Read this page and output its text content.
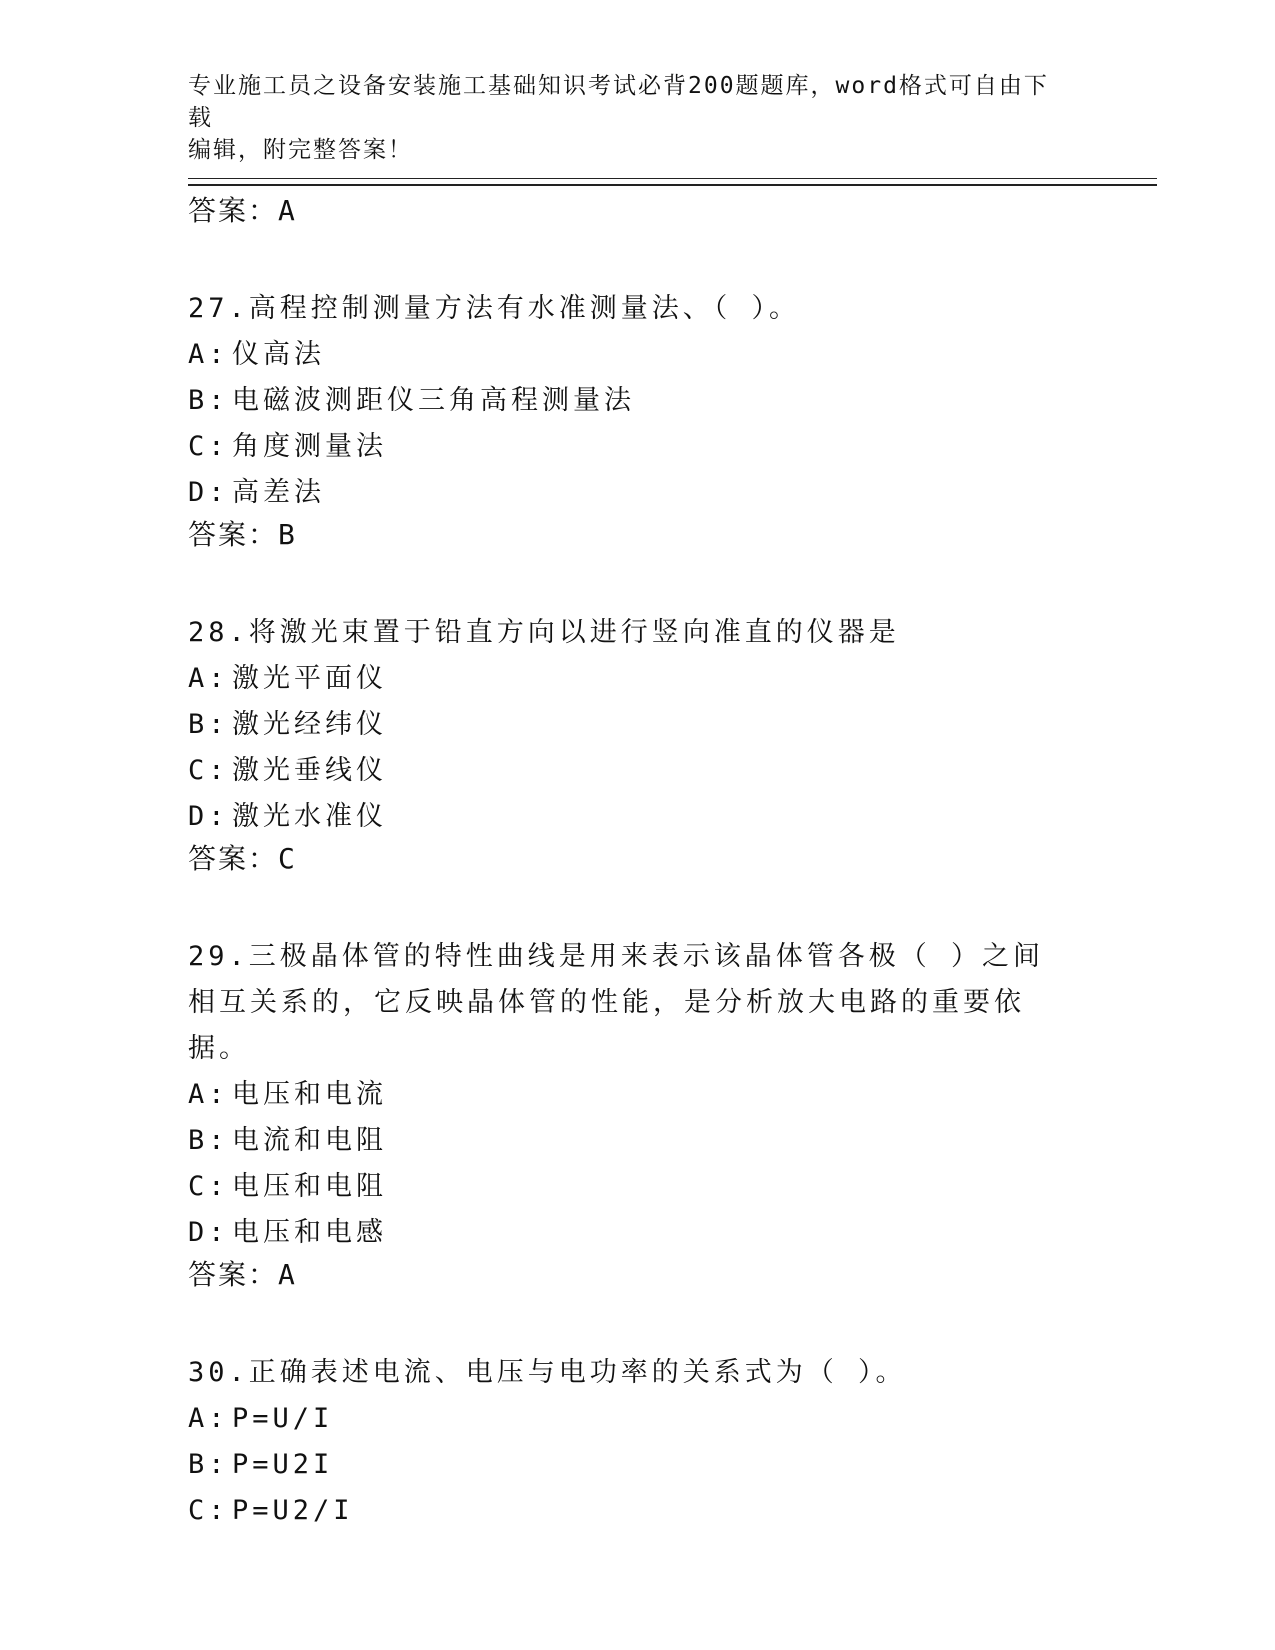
专业施工员之设备安装施工基础知识考试必背200题题库，word格式可自由下载
编辑，附完整答案！
答案：A
27.高程控制测量方法有水准测量法、（ ）。
A: 仪高法
B: 电磁波测距仪三角高程测量法
C: 角度测量法
D: 高差法
答案：B
28.将激光束置于铅直方向以进行竖向准直的仪器是
A: 激光平面仪
B: 激光经纬仪
C: 激光垂线仪
D: 激光水准仪
答案：C
29.三极晶体管的特性曲线是用来表示该晶体管各极（ ）之间相互关系的，它反映晶体管的性能，是分析放大电路的重要依据。
A: 电压和电流
B: 电流和电阻
C: 电压和电阻
D: 电压和电感
答案：A
30.正确表述电流、电压与电功率的关系式为（ ）。
A: P=U/I
B: P=U2I
C: P=U2/I
